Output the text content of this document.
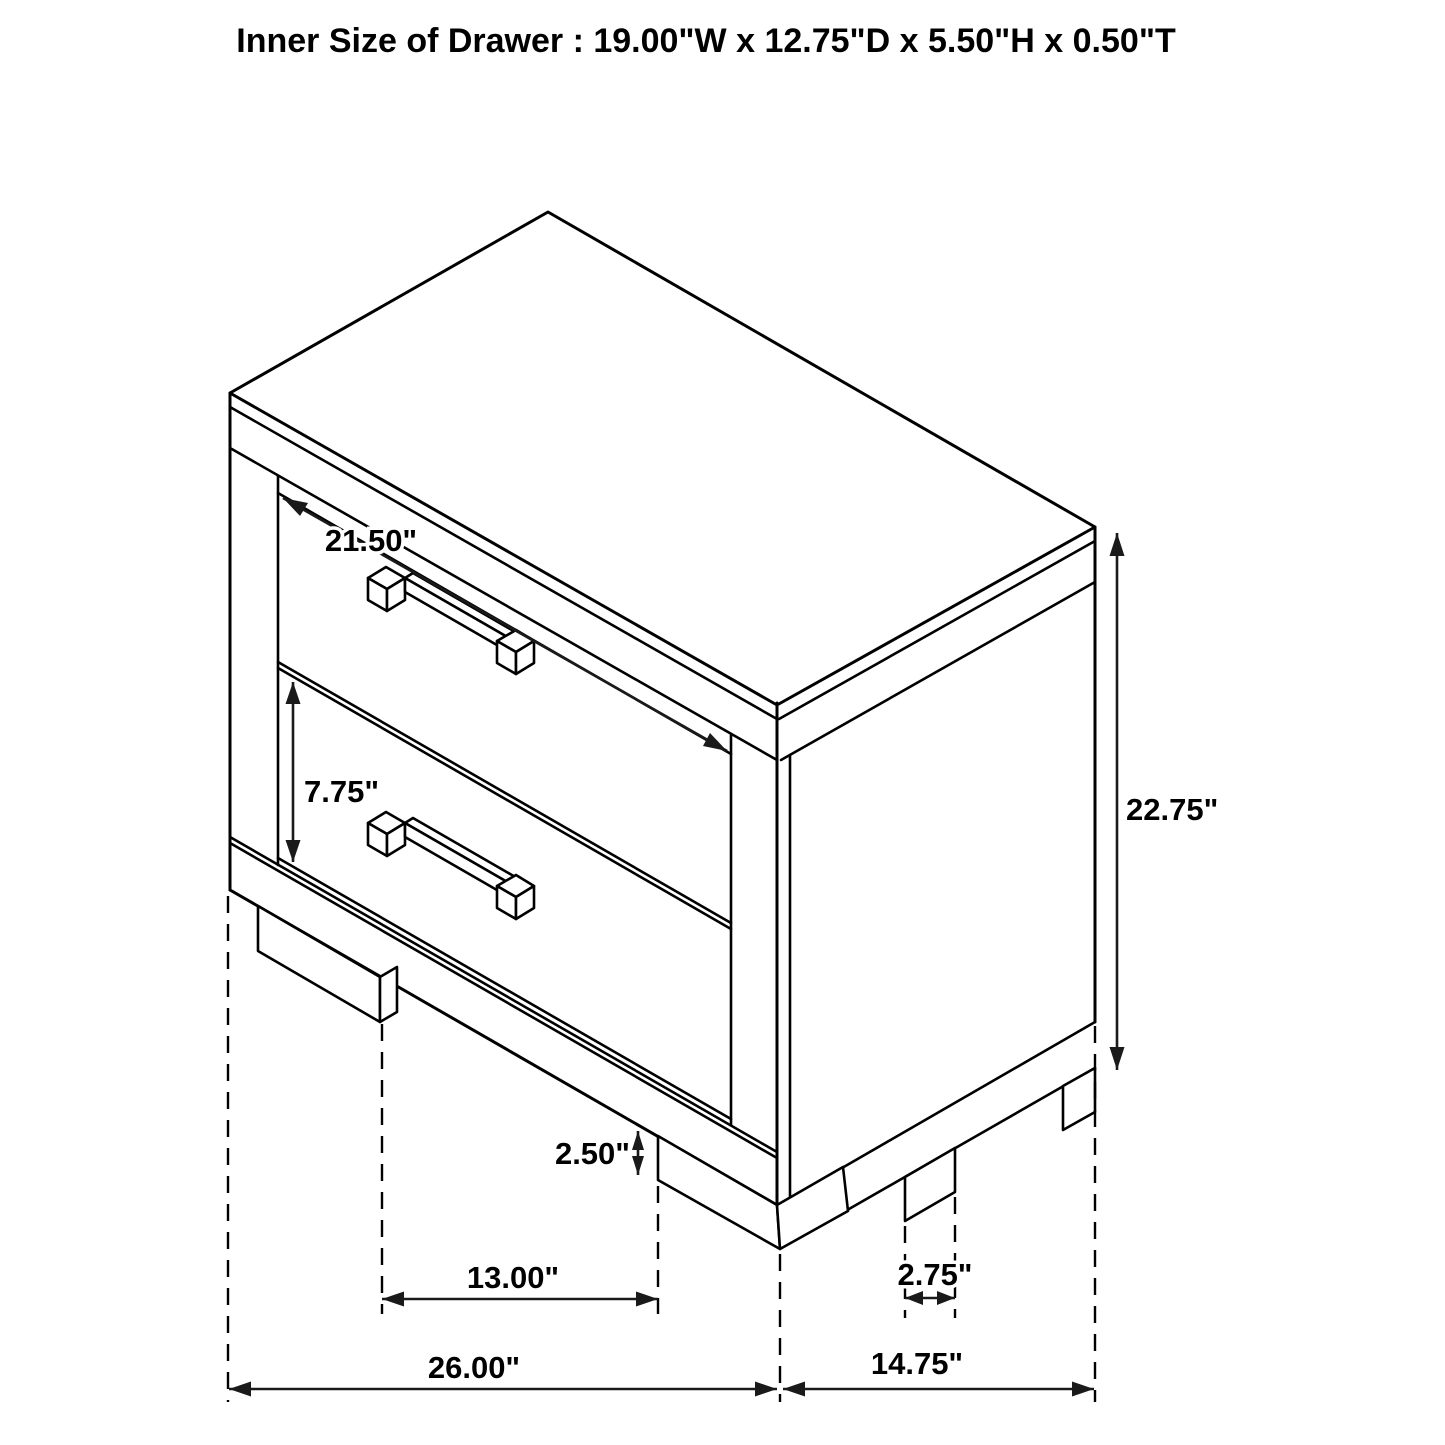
Inner Size of Drawer : 19.00"W x 12.75"D x 5.50"H x 0.50"T
21.50"
7.75"
22.75"
2.50"
13.00"
26.00"	14.75"
2.75"
